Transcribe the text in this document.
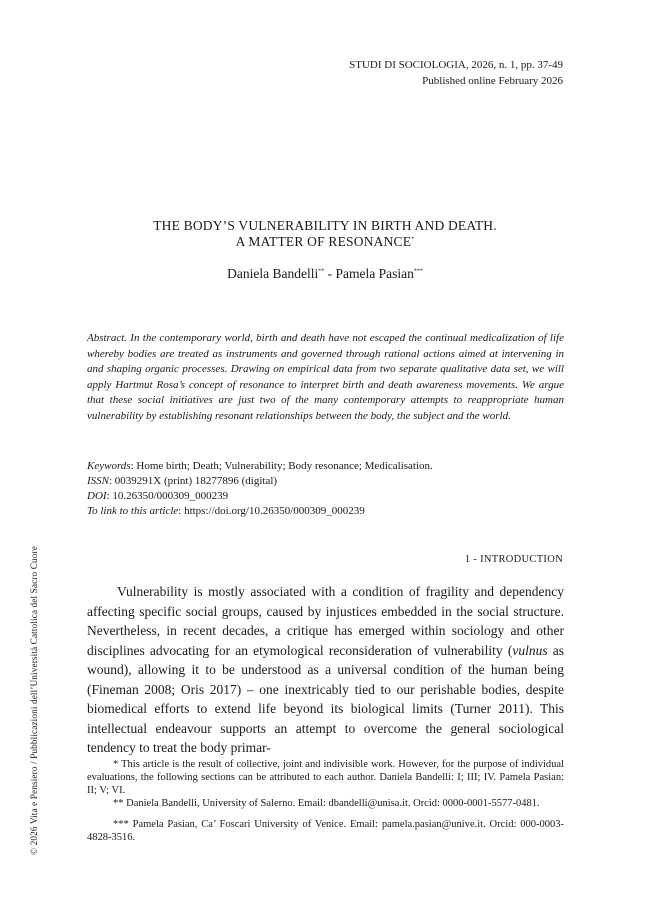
STUDI DI SOCIOLOGIA, 2026, n. 1, pp. 37-49
Published online February 2026
THE BODY’S VULNERABILITY IN BIRTH AND DEATH.
A MATTER OF RESONANCE*
Daniela Bandelli** - Pamela Pasian***

Abstract. In the contemporary world, birth and death have not escaped the continual medicalization of life whereby bodies are treated as instruments and governed through rational actions aimed at intervening in and shaping organic processes. Drawing on empirical data from two separate qualitative data set, we will apply Hartmut Rosa’s concept of resonance to interpret birth and death awareness movements. We argue that these social initiatives are just two of the many contemporary attempts to reappropriate human vulnerability by establishing resonant relationships between the body, the subject and the world.

Keywords: Home birth; Death; Vulnerability; Body resonance; Medicalisation.
ISSN: 0039291X (print) 18277896 (digital)
DOI: 10.26350/000309_000239
To link to this article: https://doi.org/10.26350/000309_000239
1 - INTRODUCTION

Vulnerability is mostly associated with a condition of fragility and dependency affecting specific social groups, caused by injustices embedded in the social structure. Nevertheless, in recent decades, a critique has emerged within sociology and other disciplines advocating for an etymological reconsideration of vulnerability (vulnus as wound), allowing it to be understood as a universal condition of the human being (Fineman 2008; Oris 2017) – one inextricably tied to our perishable bodies, despite biomedical efforts to extend life beyond its biological limits (Turner 2011). This intellectual endeavour supports an attempt to overcome the general sociological tendency to treat the body primar-

* This article is the result of collective, joint and indivisible work. However, for the purpose of individual evaluations, the following sections can be attributed to each author. Daniela Bandelli: I; III; IV. Pamela Pasian: II; V; VI.

** Daniela Bandelli, University of Salerno. Email: dbandelli@unisa.it. Orcid: 0000-0001-5577-0481.

*** Pamela Pasian, Ca’ Foscari University of Venice. Email: pamela.pasian@unive.it. Orcid: 000-0003-4828-3516.

© 2026 Vita e Pensiero / Pubblicazioni dell’Università Cattolica del Sacro Cuore
